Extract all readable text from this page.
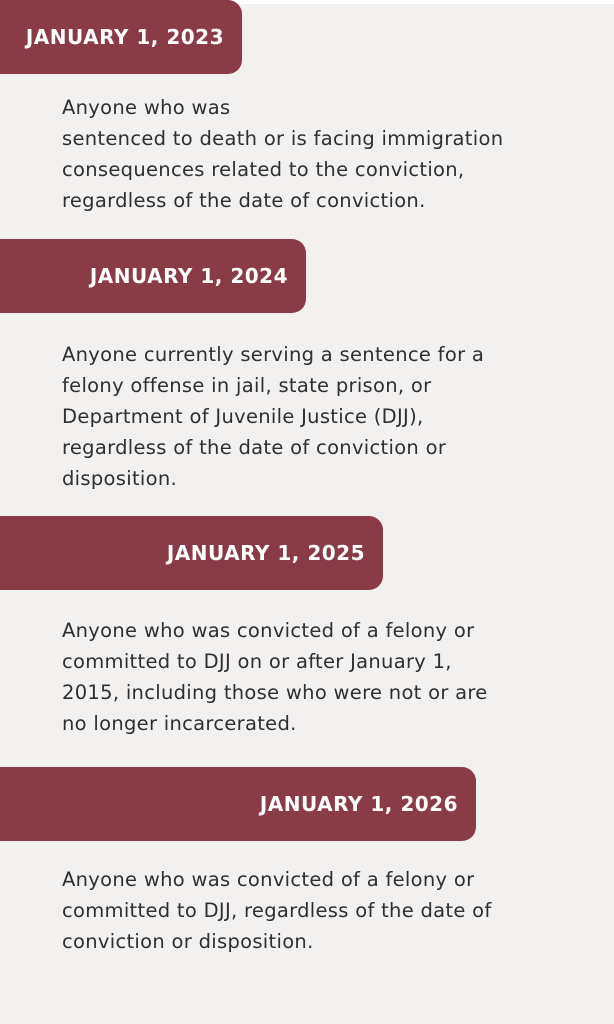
JANUARY 1, 2023

Anyone who was
sentenced to death or is facing immigration
consequences related to the conviction,
regardless of the date of conviction.

JANUARY 1, 2024

Anyone currently serving a sentence for a
felony offense in jail, state prison, or
Department of Juvenile Justice (DJJ),
regardless of the date of conviction or
disposition.

JANUARY 1, 2025

Anyone who was convicted of a felony or
committed to DJJ on or after January 1,
2015, including those who were not or are
no longer incarcerated.

JANUARY 1, 2026

Anyone who was convicted of a felony or
committed to DJJ, regardless of the date of
conviction or disposition.
